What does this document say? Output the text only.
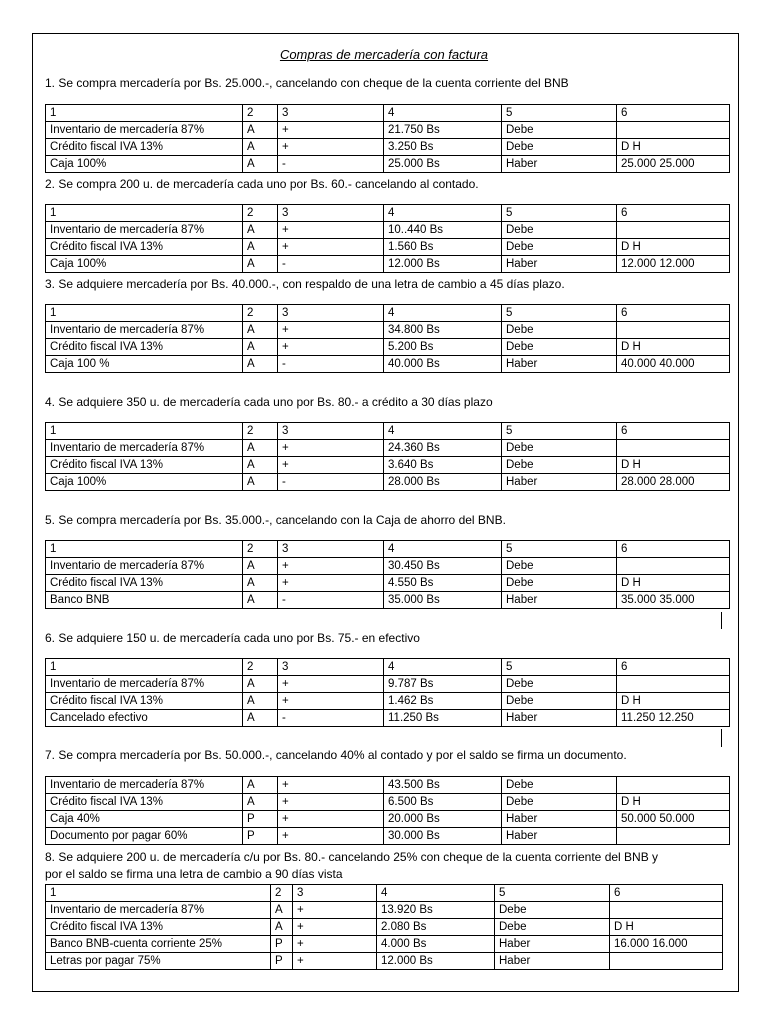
Compras de mercadería con factura
1. Se compra mercadería por Bs. 25.000.-, cancelando con cheque de la cuenta corriente del BNB
1	2	3	4	5	6
Inventario de mercadería 87%	A	+	21.750 Bs	Debe	
Crédito fiscal IVA 13%	A	+	3.250 Bs	Debe	D H
Caja 100%	A	-	25.000 Bs	Haber	25.000 25.000
2. Se compra 200 u. de mercadería cada uno por Bs. 60.- cancelando al contado.
1	2	3	4	5	6
Inventario de mercadería 87%	A	+	10..440 Bs	Debe	
Crédito fiscal IVA 13%	A	+	1.560 Bs	Debe	D H
Caja 100%	A	-	12.000 Bs	Haber	12.000 12.000
3. Se adquiere mercadería por Bs. 40.000.-, con respaldo de una letra de cambio a 45 días plazo.
1	2	3	4	5	6
Inventario de mercadería 87%	A	+	34.800 Bs	Debe	
Crédito fiscal IVA 13%	A	+	5.200 Bs	Debe	D H
Caja 100 %	A	-	40.000 Bs	Haber	40.000 40.000
4. Se adquiere 350 u. de mercadería cada uno por Bs. 80.- a crédito a 30 días plazo
1	2	3	4	5	6
Inventario de mercadería 87%	A	+	24.360 Bs	Debe	
Crédito fiscal IVA 13%	A	+	3.640 Bs	Debe	D H
Caja 100%	A	-	28.000 Bs	Haber	28.000 28.000
5. Se compra mercadería por Bs. 35.000.-, cancelando con la Caja de ahorro del BNB.
1	2	3	4	5	6
Inventario de mercadería 87%	A	+	30.450 Bs	Debe	
Crédito fiscal IVA 13%	A	+	4.550 Bs	Debe	D H
Banco BNB	A	-	35.000 Bs	Haber	35.000 35.000
6. Se adquiere 150 u. de mercadería cada uno por Bs. 75.- en efectivo
1	2	3	4	5	6
Inventario de mercadería 87%	A	+	9.787 Bs	Debe	
Crédito fiscal IVA 13%	A	+	1.462 Bs	Debe	D H
Cancelado efectivo	A	-	11.250 Bs	Haber	11.250 12.250
7. Se compra mercadería por Bs. 50.000.-, cancelando 40% al contado y por el saldo se firma un documento.
Inventario de mercadería 87%	A	+	43.500 Bs	Debe	
Crédito fiscal IVA 13%	A	+	6.500 Bs	Debe	D H
Caja 40%	P	+	20.000 Bs	Haber	50.000 50.000
Documento por pagar 60%	P	+	30.000 Bs	Haber	
8. Se adquiere 200 u. de mercadería c/u por Bs. 80.- cancelando 25% con cheque de la cuenta corriente del BNB y
por el saldo se firma una letra de cambio a 90 días vista
1	2	3	4	5	6
Inventario de mercadería 87%	A	+	13.920 Bs	Debe	
Crédito fiscal IVA 13%	A	+	2.080 Bs	Debe	D H
Banco BNB-cuenta corriente 25%	P	+	4.000 Bs	Haber	16.000 16.000
Letras por pagar 75%	P	+	12.000 Bs	Haber	
